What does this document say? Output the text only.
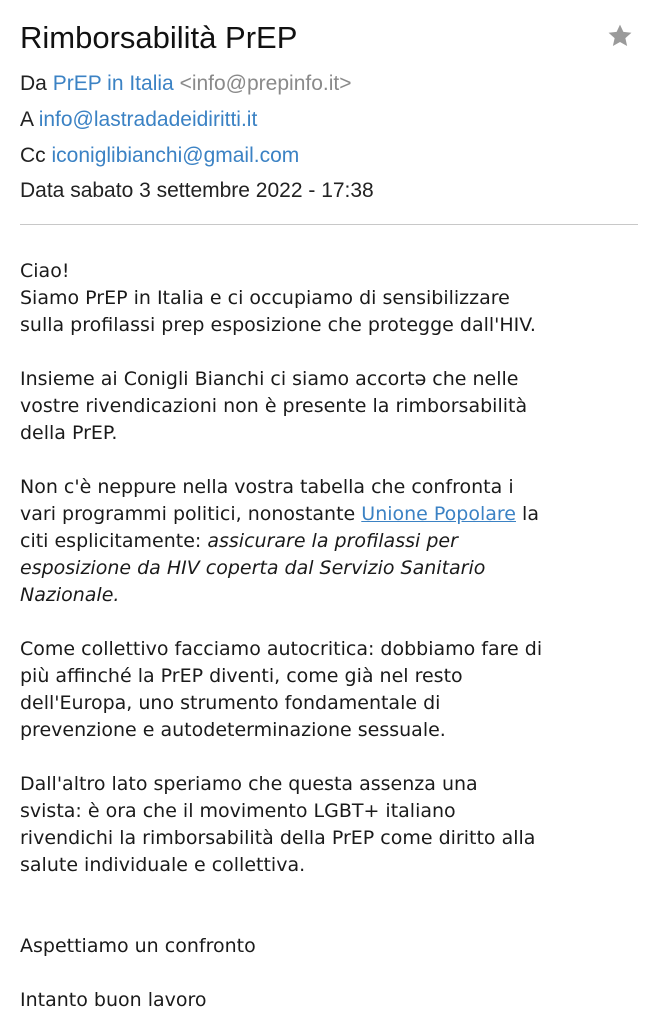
Rimborsabilità PrEP
Da PrEP in Italia <info@prepinfo.it>
A info@lastradadeidiritti.it
Cc iconiglibianchi@gmail.com
Data sabato 3 settembre 2022 - 17:38

Ciao!

Siamo PrEP in Italia e ci occupiamo di sensibilizzare

sulla profilassi prep esposizione che protegge dall'HIV.

Insieme ai Conigli Bianchi ci siamo accortə che nelle

vostre rivendicazioni non è presente la rimborsabilità

della PrEP.

Non c'è neppure nella vostra tabella che confronta i

vari programmi politici, nonostante Unione Popolare la

citi esplicitamente: assicurare la profilassi per

esposizione da HIV coperta dal Servizio Sanitario

Nazionale.

Come collettivo facciamo autocritica: dobbiamo fare di

più affinché la PrEP diventi, come già nel resto

dell'Europa, uno strumento fondamentale di

prevenzione e autodeterminazione sessuale.

Dall'altro lato speriamo che questa assenza una

svista: è ora che il movimento LGBT+ italiano

rivendichi la rimborsabilità della PrEP come diritto alla

salute individuale e collettiva.

Aspettiamo un confronto

Intanto buon lavoro
